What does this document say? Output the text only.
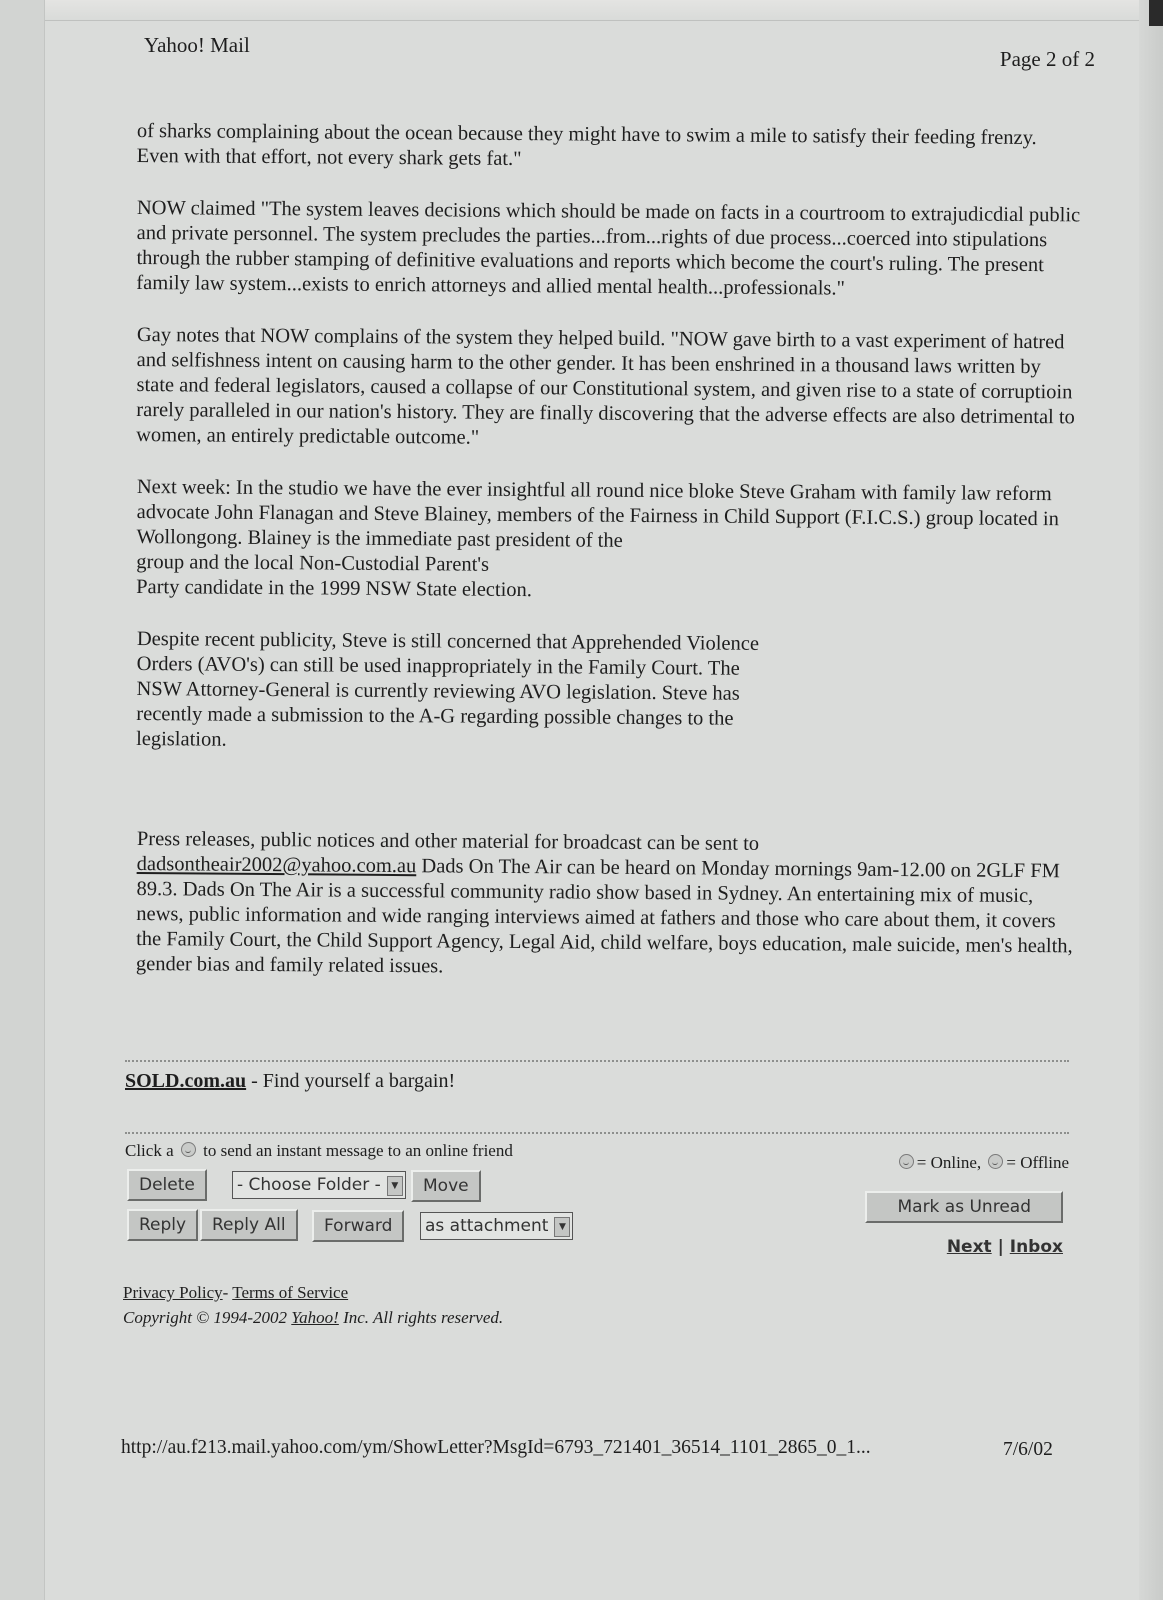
Yahoo! Mail
Page 2 of 2

of sharks complaining about the ocean because they might have to swim a mile to satisfy their feeding frenzy. Even with that effort, not every shark gets fat."

NOW claimed "The system leaves decisions which should be made on facts in a courtroom to extrajudicdial public and private personnel. The system precludes the parties...from...rights of due process...coerced into stipulations through the rubber stamping of definitive evaluations and reports which become the court's ruling. The present family law system...exists to enrich attorneys and allied mental health...professionals."

Gay notes that NOW complains of the system they helped build. "NOW gave birth to a vast experiment of hatred and selfishness intent on causing harm to the other gender. It has been enshrined in a thousand laws written by state and federal legislators, caused a collapse of our Constitutional system, and given rise to a state of corruptioin rarely paralleled in our nation's history. They are finally discovering that the adverse effects are also detrimental to women, an entirely predictable outcome."

Next week: In the studio we have the ever insightful all round nice bloke Steve Graham with family law reform advocate John Flanagan and Steve Blainey, members of the Fairness in Child Support (F.I.C.S.) group located in Wollongong. Blainey is the immediate past president of the
group and the local Non-Custodial Parent's
Party candidate in the 1999 NSW State election.

Despite recent publicity, Steve is still concerned that Apprehended Violence Orders (AVO's) can still be used inappropriately in the Family Court. The NSW Attorney-General is currently reviewing AVO legislation. Steve has recently made a submission to the A-G regarding possible changes to the legislation.

Press releases, public notices and other material for broadcast can be sent to
dadsontheair2002@yahoo.com.au Dads On The Air can be heard on Monday mornings 9am-12.00 on 2GLF FM 89.3. Dads On The Air is a successful community radio show based in Sydney. An entertaining mix of music, news, public information and wide ranging interviews aimed at fathers and those who care about them, it covers the Family Court, the Child Support Agency, Legal Aid, child welfare, boys education, male suicide, men's health, gender bias and family related issues.

SOLD.com.au - Find yourself a bargain!
Click a to send an instant message to an online friend
= Online, = Offline
Delete	- Choose Folder -	▼	Move
Reply	Reply All	Forward	as attachment	▼
Mark as Unread
Next | Inbox
Privacy Policy- Terms of Service
Copyright © 1994-2002 Yahoo! Inc. All rights reserved.
http://au.f213.mail.yahoo.com/ym/ShowLetter?MsgId=6793_721401_36514_1101_2865_0_1...	7/6/02
